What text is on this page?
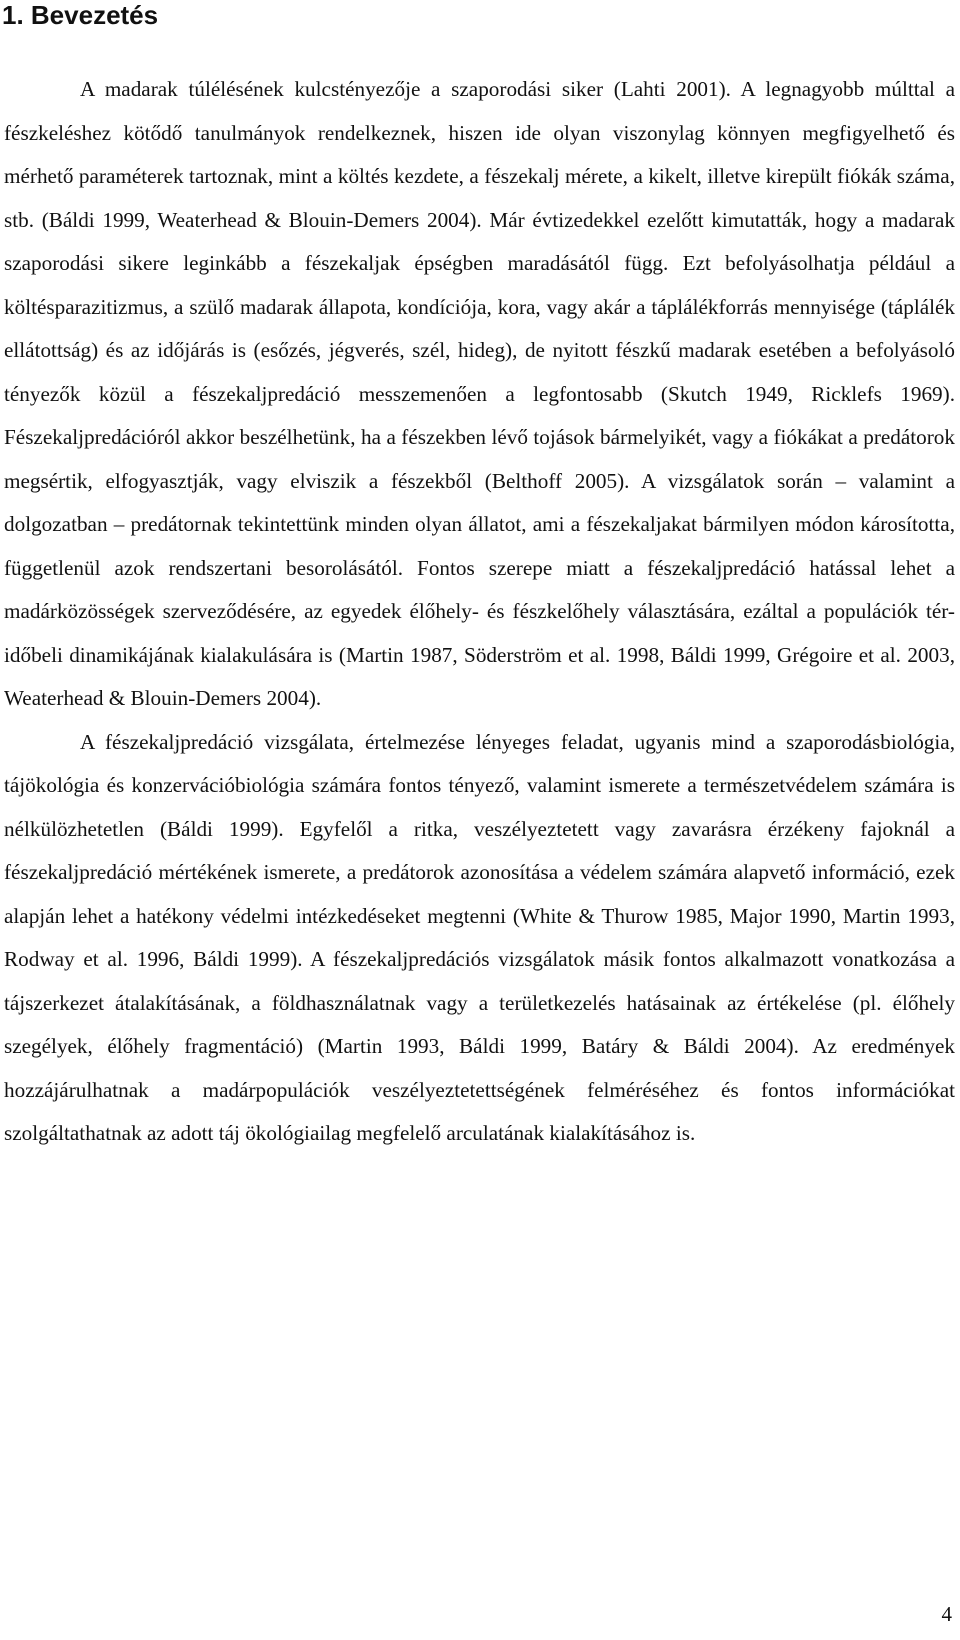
1. Bevezetés

A madarak túlélésének kulcstényezője a szaporodási siker (Lahti 2001). A legnagyobb múlttal a fészkeléshez kötődő tanulmányok rendelkeznek, hiszen ide olyan viszonylag könnyen megfigyelhető és mérhető paraméterek tartoznak, mint a költés kezdete, a fészekalj mérete, a kikelt, illetve kirepült fiókák száma, stb. (Báldi 1999, Weaterhead & Blouin-Demers 2004). Már évtizedekkel ezelőtt kimutatták, hogy a madarak szaporodási sikere leginkább a fészekaljak épségben maradásától függ. Ezt befolyásolhatja például a költésparazitizmus, a szülő madarak állapota, kondíciója, kora, vagy akár a táplálékforrás mennyisége (táplálék ellátottság) és az időjárás is (esőzés, jégverés, szél, hideg), de nyitott fészkű madarak esetében a befolyásoló tényezők közül a fészekaljpredáció messzemenően a legfontosabb (Skutch 1949, Ricklefs 1969). Fészekaljpredációról akkor beszélhetünk, ha a fészekben lévő tojások bármelyikét, vagy a fiókákat a predátorok megsértik, elfogyasztják, vagy elviszik a fészekből (Belthoff 2005). A vizsgálatok során – valamint a dolgozatban – predátornak tekintettünk minden olyan állatot, ami a fészekaljakat bármilyen módon károsította, függetlenül azok rendszertani besorolásától. Fontos szerepe miatt a fészekaljpredáció hatással lehet a madárközösségek szerveződésére, az egyedek élőhely- és fészkelőhely választására, ezáltal a populációk tér-időbeli dinamikájának kialakulására is (Martin 1987, Söderström et al. 1998, Báldi 1999, Grégoire et al. 2003, Weaterhead & Blouin-Demers 2004).

A fészekaljpredáció vizsgálata, értelmezése lényeges feladat, ugyanis mind a szaporodásbiológia, tájökológia és konzervációbiológia számára fontos tényező, valamint ismerete a természetvédelem számára is nélkülözhetetlen (Báldi 1999). Egyfelől a ritka, veszélyeztetett vagy zavarásra érzékeny fajoknál a fészekaljpredáció mértékének ismerete, a predátorok azonosítása a védelem számára alapvető információ, ezek alapján lehet a hatékony védelmi intézkedéseket megtenni (White & Thurow 1985, Major 1990, Martin 1993, Rodway et al. 1996, Báldi 1999). A fészekaljpredációs vizsgálatok másik fontos alkalmazott vonatkozása a tájszerkezet átalakításának, a földhasználatnak vagy a területkezelés hatásainak az értékelése (pl. élőhely szegélyek, élőhely fragmentáció) (Martin 1993, Báldi 1999, Batáry & Báldi 2004). Az eredmények hozzájárulhatnak a madárpopulációk veszélyeztetettségének felméréséhez és fontos információkat szolgáltathatnak az adott táj ökológiailag megfelelő arculatának kialakításához is.

4
